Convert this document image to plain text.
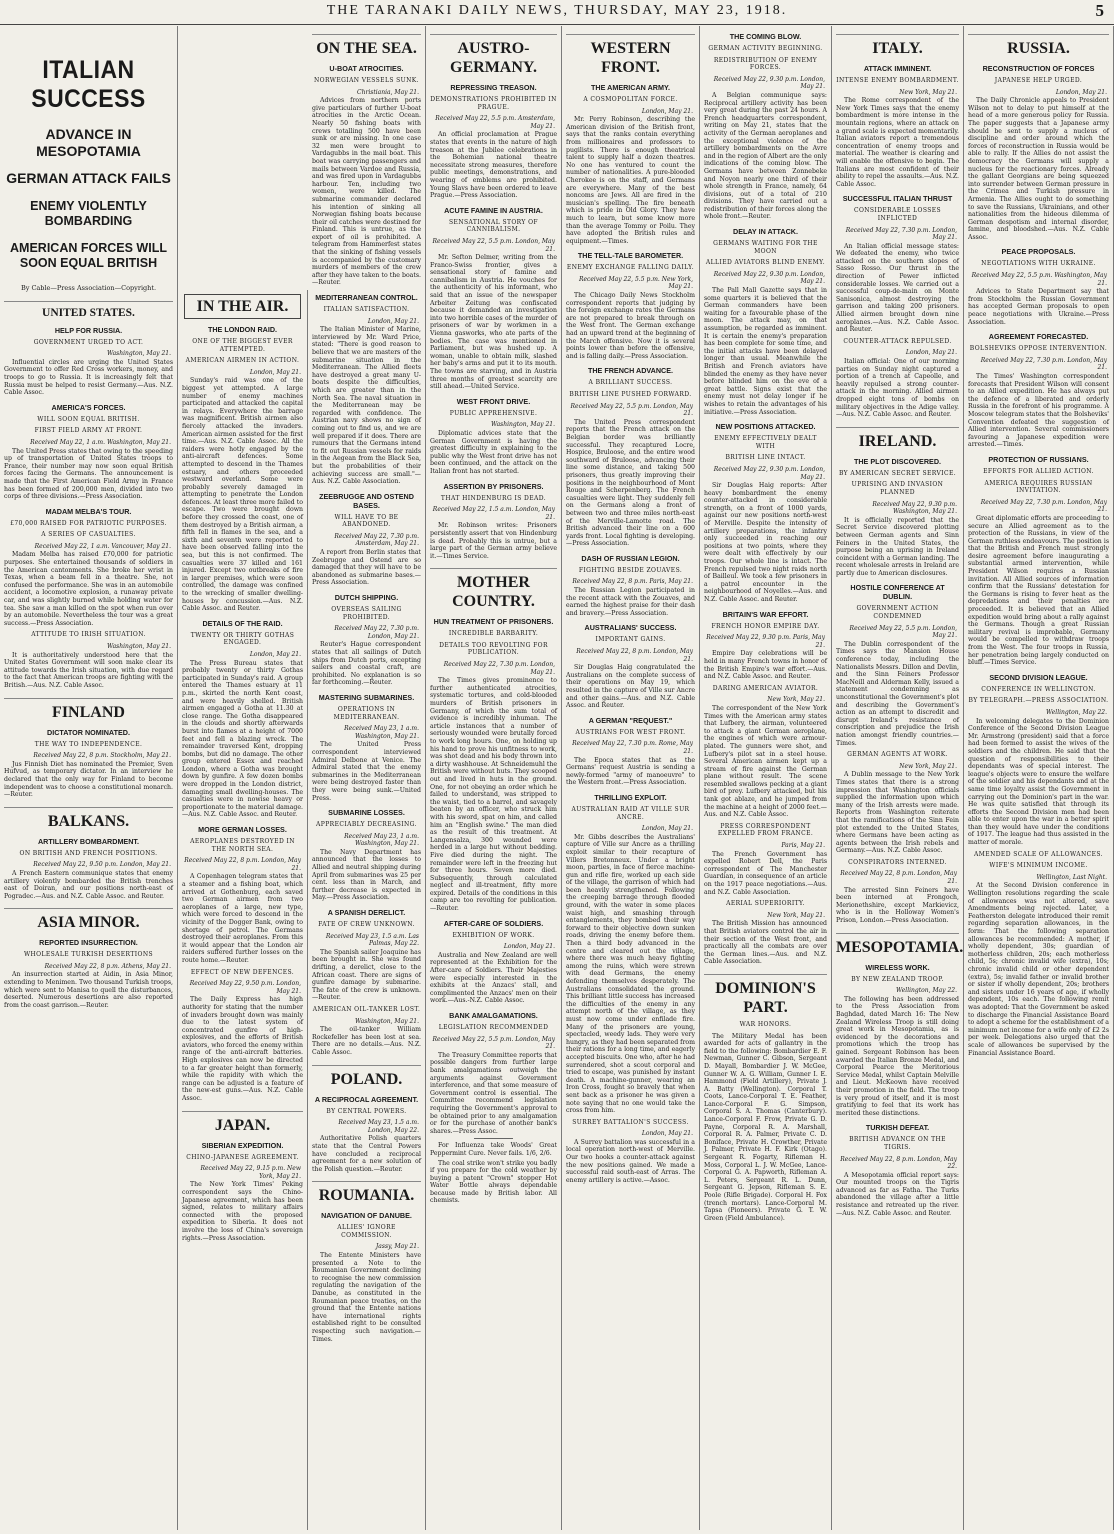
THE TARANAKI DAILY NEWS, THURSDAY, MAY 23, 1918.	5
ITALIAN SUCCESS
ADVANCE IN MESOPOTAMIA
GERMAN ATTACK FAILS
ENEMY VIOLENTLY BOMBARDING
AMERICAN FORCES WILL SOON EQUAL BRITISH
By Cable—Press Association—Copyright.
UNITED STATES.
HELP FOR RUSSIA.
GOVERNMENT URGED TO ACT.
Washington, May 21.

Influential circles are urging the United States Government to offer Red Cross workers, money, and troops to go to Russia. It is increasingly felt that Russia must be helped to resist Germany.—Aus. N.Z. Cable Assoc.

AMERICA'S FORCES.
WILL SOON EQUAL BRITISH.
FIRST FIELD ARMY AT FRONT.
Received May 22, 1 a.m. Washington, May 21.

The United Press states that owing to the speeding up of transportation of United States troops to France, their number may now soon equal British forces facing the Germans. The announcement is made that the First American Field Army in France has been formed of 200,000 men, divided into two corps of three divisions.—Press Association.

MADAM MELBA'S TOUR.
£70,000 RAISED FOR PATRIOTIC PURPOSES.
A SERIES OF CASUALTIES.
Received May 22, 1 a.m. Vancouver, May 21.

Madam Melba has raised £70,000 for patriotic purposes. She entertained thousands of soldiers in the American cantonments. She broke her wrist in Texas, when a beam fell in a theatre. She, not confused the performance. She was in an automobile accident, a locomotive explosion, a runaway private car, and was slightly burned while holding water for tea. She saw a man killed on the spot when run over by an automobile. Nevertheless the tour was a great success.—Press Association.

ATTITUDE TO IRISH SITUATION.
Washington, May 21.

It is authoritatively understood here that the United States Government will soon make clear its attitude towards the Irish situation, with due regard to the fact that American troops are fighting with the British.—Aus. N.Z. Cable Assoc.

FINLAND
DICTATOR NOMINATED.
THE WAY TO INDEPENDENCE.
Received May 22, 8 p.m. Stockholm, May 21.

Jus Finnish Diet has nominated the Premier, Sven Hufvud, as temporary dictator. In an interview he declared that the only way for Finland to become independent was to choose a constitutional monarch.—Reuter.

BALKANS.
ARTILLERY BOMBARDMENT.
ON BRITISH AND FRENCH POSITIONS.
Received May 22, 9.50 p.m. London, May 21.

A French Eastern communique states that enemy artillery violently bombarded the British trenches east of Doiran, and our positions north-east of Pogradec.—Aus. and N.Z. Cable Assoc. and Reuter.

ASIA MINOR.
REPORTED INSURRECTION.
WHOLESALE TURKISH DESERTIONS
Received May 22, 8 p.m. Athens, May 21.

An insurrection started at Aidin, in Asia Minor, extending to Menimen. Two thousand Turkish troops, which were sent to Manisa to quell the disturbances, deserted. Numerous desertions are also reported from the coast garrison.—Reuter.

IN THE AIR.
THE LONDON RAID.
ONE OF THE BIGGEST EVER ATTEMPTED.
AMERICAN AIRMEN IN ACTION.
London, May 21.

Sunday's raid was one of the biggest yet attempted. A large number of enemy machines participated and attacked the capital in relays. Everywhere the barrage was magnificent. British airmen also fiercely attacked the invaders. American airmen assisted for the first time.—Aus. N.Z. Cable Assoc. All the raiders were hotly engaged by the anti-aircraft defences. Some attempted to descend in the Thames estuary, and others proceeded westward overland. Some were probably severely damaged in attempting to penetrate the London defences. At least three more failed to escape. Two were brought down before they crossed the coast, one of them destroyed by a British airman, a fifth fell in flames in the sea, and a sixth and seventh were reported to have been observed falling into the sea, but this is not confirmed. The casualties were 37 killed and 161 injured. Except two outbreaks of fire in larger premises, which were soon controlled, the damage was confined to the wrecking of smaller dwelling-houses by concussion.—Aus. N.Z. Cable Assoc. and Reuter.

DETAILS OF THE RAID.
TWENTY OR THIRTY GOTHAS ENGAGED.
London, May 21.

The Press Bureau states that probably twenty or thirty Gothas participated in Sunday's raid. A group entered the Thames estuary at 11 p.m., skirted the north Kent coast, and were heavily shelled. British airmen engaged a Gotha at 11.30 at close range. The Gotha disappeared in the clouds and shortly afterwards burst into flames at a height of 7000 feet and fell a blazing wreck. The remainder traversed Kent, dropping bombs, but did no damage. The other group entered Essex and reached London, where a Gotha was brought down by gunfire. A few dozen bombs were dropped in the London district, damaging small dwelling-houses. The casualties were in nowise heavy or proportionate to the material damage.—Aus. N.Z. Cable Assoc. and Reuter.

MORE GERMAN LOSSES.
AEROPLANES DESTROYED IN THE NORTH SEA.
Received May 22, 8 p.m. London, May 21.

A Copenhagen telegram states that a steamer and a fishing boat, which arrived at Gothenburg, each saved two German airmen from two aeroplanes of a large, new type, which were forced to descend in the vicinity of the Dogger Bank, owing to shortage of petrol. The Germans destroyed their aeroplanes. From this it would appear that the London air raiders suffered further losses on the route home.—Reuter.

EFFECT OF NEW DEFENCES.
Received May 22, 9.50 p.m. London, May 21.

The Daily Express has high authority for stating that the number of invaders brought down was mainly due to the latest system of concentrated gunfire of high-explosives, and the efforts of British aviators, who forced the enemy within range of the anti-aircraft batteries. High explosives can now be directed to a far greater height than formerly, while the rapidity with which the range can be adjusted is a feature of the new-est guns.—Aus. N.Z. Cable Assoc.

JAPAN.
SIBERIAN EXPEDITION.
CHINO-JAPANESE AGREEMENT.
Received May 22, 9.15 p.m. New York, May 21.

The New York Times' Peking correspondent says the Chino-Japanese agreement, which has been signed, relates to military affairs connected with the proposed expedition to Siberia. It does not involve the loss of China's sovereign rights.—Press Association.

ON THE SEA.
U-BOAT ATROCITIES.
NORWEGIAN VESSELS SUNK.
Christiania, May 21.

Advices from northern ports give particulars of further U-boat atrocities in the Arctic Ocean. Nearly 50 fishing boats with crews totalling 500 have been sunk or are missing. In one case 32 men were brought to Vardagubbs in the mail boat. This boat was carrying passengers and mails between Vardoe and Russia, and was fired upon in Vardagubbs harbour. Ten, including two women, were killed. The submarine commander declared his intention of sinking all Norwegian fishing boats because their oil catches were destined for Finland. This is untrue, as the export of oil is prohibited. A telegram from Hammerfest states that the sinking of fishing vessels is accompanied by the customary murders of members of the crew after they have taken to the boats.—Reuter.

MEDITERRANEAN CONTROL.
ITALIAN SATISFACTION.
London, May 21.

The Italian Minister of Marine, interviewed by Mr. Ward Price, stated: "There is good reason to believe that we are masters of the submarine situation in the Mediterranean. The Allied fleets have destroyed a great many U-boats despite the difficulties, which are greater than in the North Sea. The naval situation in the Mediterranean may be regarded with confidence. The Austrian navy shows no sign of coming out to find us, and we are well prepared if it does. There are rumours that the Germans intend to fit out Russian vessels for raids in the Aegean from the Black Sea, but the probabilities of their achieving success are small."—Aus. N.Z. Cable Association.

ZEEBRUGGE AND OSTEND BASES.
WILL HAVE TO BE ABANDONED.
Received May 22, 7.30 p.m. Amsterdam, May 21.

A report from Berlin states that Zeebrugge and Ostend are so damaged that they will have to be abandoned as submarine bases.—Press Association.

DUTCH SHIPPING.
OVERSEAS SAILING PROHIBITED.
Received May 22, 7.30 p.m. London, May 21.

Reuter's Hague correspondent states that all sailings of Dutch ships from Dutch ports, excepting sailers and coastal craft, are prohibited. No explanation is so far forthcoming.—Reuter.

MASTERING SUBMARINES.
OPERATIONS IN MEDITERRANEAN.
Received May 23, 1 a.m. Washington, May 21.

The United Press correspondent interviewed Admiral Delbone at Venice. The Admiral stated that the enemy submarines in the Mediterranean were being destroyed faster than they were being sunk.—United Press.

SUBMARINE LOSSES.
APPRECIABLY DECREASING.
Received May 23, 1 a.m. Washington, May 21.

The Navy Department has announced that the losses to Allied and neutral shipping during April from submarines was 25 per cent. less than in March, and further decrease is expected in May.—Press Association.

A SPANISH DERELICT.
FATE OF CREW UNKNOWN.
Received May 23, 1.5 a.m. Las Palmas, May 22.

The Spanish sailer Joaquine has been brought in. She was found drifting, a derelict, close to the African coast. There are signs of gunfire damage by submarine. The fate of the crew is unknown.—Reuter.

AMERICAN OIL-TANKER LOST.
Washington, May 21.

The oil-tanker William Rockefeller has been lost at sea. There are no details.—Aus. N.Z. Cable Assoc.

POLAND.
A RECIPROCAL AGREEMENT.
BY CENTRAL POWERS.
Received May 23, 1.5 a.m. London, May 22.

Authoritative Polish quarters state that the Central Powers have concluded a reciprocal agreement for a new solution of the Polish question.—Reuter.

ROUMANIA.
NAVIGATION OF DANUBE.
ALLIES' IGNORE COMMISSION.
Jassy, May 21.

The Entente Ministers have presented a Note to the Roumanian Government declining to recognise the new commission regulating the navigation of the Danube, as constituted in the Roumanian peace treaties, on the ground that the Entente nations have international rights established right to be consulted respecting such navigation.—Times.

AUSTRO-GERMANY.
REPRESSING TREASON.
DEMONSTRATIONS PROHIBITED IN PRAGUE.
Received May 22, 5.5 p.m. Amsterdam, May 21.

An official proclamation at Prague states that events in the nature of high treason at the Jubilee celebrations in the Bohemian national theatre necessitate strong measures, therefore public meetings, demonstrations, and wearing of emblems are prohibited. Young Slavs have been ordered to leave Prague.—Press Association.

ACUTE FAMINE IN AUSTRIA.
SENSATIONAL STORY OF CANNIBALISM.
Received May 22, 5.5 p.m. London, May 21.

Mr. Sefton Delmer, writing from the Franco-Swiss frontier, gives a sensational story of famine and cannibalism in Austria. He vouches for the authenticity of his informant, who said that an issue of the newspaper Arbeiter Zeitung was confiscated because it demanded an investigation into two horrible cases of the murder of prisoners of war by workmen in a Vienna gasworks, who ate parts of the bodies. The case was mentioned in Parliament, but was hushed up. A woman, unable to obtain milk, slashed her baby's arms and put it to its mouth. The towns are starving, and in Austria three months of greatest scarcity are still ahead.—United Service.

WEST FRONT DRIVE.
PUBLIC APPREHENSIVE.
Washington, May 21.

Diplomatic advices state that the German Government is having the greatest difficulty in explaining to the public why the West front drive has not been continued, and the attack on the Italian front has not started.

ASSERTION BY PRISONERS.
THAT HINDENBURG IS DEAD.
Received May 22, 1.5 a.m. London, May 21.

Mr. Robinson writes: Prisoners persistently assert that von Hindenburg is dead. Probably this is untrue, but a large part of the German army believe it.—Times Service.

MOTHER COUNTRY.
HUN TREATMENT OF PRISONERS.
INCREDIBLE BARBARITY.
DETAILS TOO REVOLTING FOR PUBLICATION.
Received May 22, 7.30 p.m. London, May 21.

The Times gives prominence to further authenticated atrocities, systematic tortures, and cold-blooded murders of British prisoners in Germany, of which the sum total of evidence is incredibly inhuman. The article instances that a number of seriously wounded were brutally forced to work long hours. One, on holding up his hand to prove his unfitness to work, was shot dead and his body thrown into a dirty washhouse. At Schneidemuhl the British were without huts. They scooped out and lived in huts in the ground. One, for not obeying an order which he failed to understand, was stripped to the waist, tied to a barrel, and savagely beaten by an officer, who struck him with his sword, spat on him, and called him an "English swine." The man died as the result of this treatment. At Langensalza, 300 wounded were herded in a large hut without bedding. Five died during the night. The remainder were left in the freezing hut for three hours. Seven more died. Subsequently, through calculated neglect and ill-treatment, fifty more expired. Details of the conditions in this camp are too revolting for publication.—Reuter.

AFTER-CARE OF SOLDIERS.
EXHIBITION OF WORK.
London, May 21.

Australia and New Zealand are well represented at the Exhibition for the After-care of Soldiers. Their Majesties were especially interested in the exhibits at the Anzacs' stall, and complimented the Anzacs' men on their work.—Aus.-N.Z. Cable Assoc.

BANK AMALGAMATIONS.
LEGISLATION RECOMMENDED
Received May 22, 5.5 p.m. London, May 21.

The Treasury Committee reports that possible dangers from further large bank amalgamations outweigh the arguments against Government interference, and that some measure of Government control is essential. The Committee recommend legislation requiring the Government's approval to be obtained prior to any amalgamation or for the purchase of another bank's shares.—Press Assoc.

For Influenza take Woods' Great Peppermint Cure. Never fails. 1/6, 2/6.

The coal strike won't strike you badly if you prepare for the cold weather by buying a patent "Crown" stopper Hot Water Bottle always dependable because made by British labor. All chemists.

WESTERN FRONT.
THE AMERICAN ARMY.
A COSMOPOLITAN FORCE.
London, May 21.

Mr. Perry Robinson, describing the American division of the British front, says that the ranks contain everything from millionaires and professors to pugilists. There is enough theatrical talent to supply half a dozen theatres. No one has ventured to count the number of nationalities. A pure-blooded Cherokee is on the staff, and Germans are everywhere. Many of the best noncoms are Jews. All are fired in the musician's spelling. The fire beneath which is pride in Old Glory. They have much to learn, but some know more than the average Tommy or Poilu. They have adopted the British rules and equipment.—Times.

THE TELL-TALE BAROMETER.
ENEMY EXCHANGE FALLING DAILY.
Received May 22, 5.5 p.m. New York, May 21.

The Chicago Daily News Stockholm correspondent reports that judging by the foreign exchange rates the Germans are not prepared to break through on the West front. The German exchange had an upward trend at the beginning of the March offensive. Now it is several points lower than before the offensive, and is falling daily.—Press Association.

THE FRENCH ADVANCE.
A BRILLIANT SUCCESS.
BRITISH LINE PUSHED FORWARD.
Received May 22, 5.5 p.m. London, May 21.

The United Press correspondent reports that the French attack on the Belgian border was brilliantly successful. They recaptured Locre, Hospice, Bruloose, and the entire wood southward of Bruloose, advancing their line some distance, and taking 500 prisoners, thus greatly improving their positions in the neighbourhood of Mont Rouge and Scherpenberg. The French casualties were light. They suddenly fell on the Germans along a front of between two and three miles north-east of the Merville-Lamotte road. The British advanced their line on a 600 yards front. Local fighting is developing.—Press Association.

DASH OF RUSSIAN LEGION.
FIGHTING BESIDE ZOUAVES.
Received May 22, 8 p.m. Paris, May 21.

The Russian Legion participated in the recent attack with the Zouaves, and earned the highest praise for their dash and bravery.—Press Association.

AUSTRALIANS' SUCCESS.
IMPORTANT GAINS.
Received May 22, 8 p.m. London, May 21.

Sir Douglas Haig congratulated the Australians on the complete success of their operations on May 19, which resulted in the capture of Ville sur Ancre and other gains.—Aus. and N.Z. Cable Assoc. and Reuter.

A GERMAN "REQUEST."
AUSTRIANS FOR WEST FRONT.
Received May 22, 7.30 p.m. Rome, May 21.

The Epoca states that as the Germans' request Austria is sending a newly-formed "army of manoeuvre" to the Western front.—Press Association.

THRILLING EXPLOIT.
AUSTRALIAN RAID AT VILLE SUR ANCRE.
London, May 21.

Mr. Gibbs describes the Australians' capture of Ville sur Ancre as a thrilling exploit similar to their recapture of Villers Bretonneux. Under a bright moon, parties, in face of fierce machine-gun and rifle fire, worked up each side of the village, the garrison of which had been heavily strengthened. Following the creeping barrage through flooded ground, with the water in some places waist high, and smashing through entanglements, they bombed their way forward to their objective down sunken roads, driving the enemy before them. Then a third body advanced in the centre and cleared out the village, where there was much heavy fighting among the ruins, which were strewn with dead Germans, the enemy defending themselves desperately. The Australians consolidated the ground. This brilliant little success has increased the difficulties of the enemy in any attempt north of the village, as they must now come under enfilade fire. Many of the prisoners are young, spectacled, weedy lads. They were very hungry, as they had been separated from their rations for a long time, and eagerly accepted biscuits. One who, after he had surrendered, shot a scout corporal and tried to escape, was punished by instant death. A machine-gunner, wearing an Iron Cross, fought so bravely that when sent back as a prisoner he was given a note saying that no one would take the cross from him.

SURREY BATTALION'S SUCCESS.
London, May 21.

A Surrey battalion was successful in a local operation north-west of Merville. Our two hooks a counter-attack against the new positions gained. We made a successful raid south-east of Arras. The enemy artillery is active.—Assoc.

THE COMING BLOW.
GERMAN ACTIVITY BEGINNING.
REDISTRIBUTION OF ENEMY FORCES.
Received May 22, 9.30 p.m. London, May 21.

A Belgian communique says: Reciprocal artillery activity has been very great during the past 24 hours. A French headquarters correspondent, writing on May 21, states that the activity of the German aeroplanes and the exceptional violence of the artillery bombardments on the Avre and in the region of Albert are the only indications of the coming blow. The Germans have between Zonnebeke and Noyon nearly one third of their whole strength in France, namely, 64 divisions, out of a total of 210 divisions. They have carried out a redistribution of their forces along the whole front.—Reuter.

DELAY IN ATTACK.
GERMANS WAITING FOR THE MOON
ALLIED AVIATORS BLIND ENEMY.
Received May 22, 9.30 p.m. London, May 21.

The Pall Mall Gazette says that in some quarters it is believed that the German commanders have been waiting for a favourable phase of the moon. The attack may, on that assumption, be regarded as imminent. It is certain the enemy's preparation has been complete for some time, and the initial attacks have been delayed longer than usual. Meanwhile the British and French aviators have blinded the enemy as they have never before blinded him on the eve of a great battle. Signs exist that the enemy must not delay longer if he wishes to retain the advantages of his initiative.—Press Association.

NEW POSITIONS ATTACKED.
ENEMY EFFECTIVELY DEALT WITH
BRITISH LINE INTACT.
Received May 22, 9.30 p.m. London, May 21.

Sir Douglas Haig reports: After heavy bombardment the enemy counter-attacked in considerable strength, on a front of 1000 yards, against our new positions north-west of Merville. Despite the intensity of artillery preparations, the infantry only succeeded in reaching our positions at two points, where they were dealt with effectively by our troops. Our whole line is intact. The French repulsed two night raids north of Bailleul. We took a few prisoners in a patrol encounter in the neighbourhood of Noyelles.—Aus. and N.Z. Cable Assoc. and Reuter.

BRITAIN'S WAR EFFORT.
FRENCH HONOR EMPIRE DAY.
Received May 22, 9.30 p.m. Paris, May 21.

Empire Day celebrations will be held in many French towns in honor of the British Empire's war effort.—Aus. and N.Z. Cable Assoc. and Reuter.

DARING AMERICAN AVIATOR.
New York, May 21.

The correspondent of the New York Times with the American army states that Lufbery, the airman, volunteered to attack a giant German aeroplane, the engines of which were armour-plated. The gunners were shot, and Lufbery's pilot sat in a steel house. Several American airmen kept up a stream of fire against the German plane without result. The scene resembled swallows pecking at a giant bird of prey. Lufbery attacked, but his tank got ablaze, and he jumped from the machine at a height of 2000 feet.—Aus. and N.Z. Cable Assoc.

PRESS CORRESPONDENT EXPELLED FROM FRANCE.
Paris, May 21.

The French Government has expelled Robert Dell, the Paris correspondent of The Manchester Guardian, in consequence of an article on the 1917 peace negotiations.—Aus. and N.Z. Cable Association.

AERIAL SUPERIORITY.
New York, May 21.

The British Mission has announced that British aviators control the air in their section of the West front, and practically all the combats are over the German lines.—Aus. and N.Z. Cable Association.

DOMINION'S PART.
WAR HONORS.

The Military Medal has been awarded for acts of gallantry in the field to the following: Bombardier E. F. Newman, Gunner C. Gibson, Sergeant D. Mayall, Bombardier J. W. McGee, Gunner W. A. G. William, Gunner I. E. Hammond (Field Artillery), Private J. A. Batty (Wellington). Corporal T. Coots, Lance-Corporal T. E. Feather, Lance-Corporal F. G. Simpson, Corporal S. A. Thomas (Canterbury). Lance-Corporal F. Frow, Private G. D. Payne, Corporal R. A. Marshall, Corporal R. A. Palmer, Private C. D. Boniface, Private H. Crowther, Private J. Palmer, Private H. F. Kirk (Otago). Sergeant R. Fogarty, Rifleman H. Moss, Corporal L. J. W. McGee, Lance-Corporal G. A. Papworth, Rifleman A. L. Peters, Sergeant R. L. Dunn, Sergeant G. Jepson, Rifleman S. E. Poole (Rifle Brigade). Corporal H. Fox (trench mortars). Lance-Corporal M. Tapsa (Pioneers). Private G. T. W. Green (Field Ambulance).

ITALY.
ATTACK IMMINENT.
INTENSE ENEMY BOMBARDMENT.
New York, May 21.

The Rome correspondent of the New York Times says that the enemy bombardment is more intense in the mountain regions, where an attack on a grand scale is expected momentarily. Italian aviators report a tremendous concentration of enemy troops and material. The weather is clearing and will enable the offensive to begin. The Italians are most confident of their ability to repel the assaults.—Aus. N.Z. Cable Assoc.

SUCCESSFUL ITALIAN THRUST
CONSIDERABLE LOSSES INFLICTED
Received May 22, 7.30 p.m. London, May 21.

An Italian official message states: We defeated the enemy, who twice attacked on the southern slopes of Sasso Rosso. Our thrust in the direction of Pewer inflicted considerable losses. We carried out a successful coup-de-main on Monte Sanisonica, almost destroying the garrison and taking 200 prisoners. Allied airmen brought down nine aeroplanes.—Aus. N.Z. Cable Assoc. and Reuter.

COUNTER-ATTACK REPULSED.
London, May 21.

Italian official: One of our morning parties on Sunday night captured a portion of a trench at Capeolle, and heavily repulsed a strong counter-attack in the morning. Allied airmen dropped eight tons of bombs on military objectives in the Adige valley.—Aus. N.Z. Cable Assoc. and Reuter.

IRELAND.
THE PLOT DISCOVERED.
BY AMERICAN SECRET SERVICE.
UPRISING AND INVASION PLANNED
Received May 22, 9.30 p.m. Washington, May 21.

It is officially reported that the Secret Service discovered plotting between German agents and Sinn Feiners in the United States, the purpose being an uprising in Ireland coincident with a German landing. The recent wholesale arrests in Ireland are partly due to American disclosures.

HOSTILE CONFERENCE AT DUBLIN.
GOVERNMENT ACTION CONDEMNED
Received May 22, 5.5 p.m. London, May 21.

The Dublin correspondent of the Times says the Mansion House conference today, including the Nationalists Messrs. Dillon and Devlin, and the Sinn Feiners Professor MacNeill and Alderman Kelly, issued a statement condemning as unconstitutional the Government's plot and describing the Government's action as an attempt to discredit and disrupt Ireland's resistance of conscription and prejudice the Irish nation amongst friendly countries.—Times.

GERMAN AGENTS AT WORK.
New York, May 21.

A Dublin message to the New York Times states that there is a strong impression that Washington officials supplied the information upon which many of the Irish arrests were made. Reports from Washington reiterate that the ramifications of the Sinn Fein plot extended to the United States, where Germans have been acting as agents between the Irish rebels and Germany.—Aus. N.Z. Cable Assoc.

CONSPIRATORS INTERNED.
Received May 22, 8 p.m. London, May 21.

The arrested Sinn Feiners have been interned at Frongoch, Merionethshire, except Markievicz, who is in the Holloway Women's Prison, London.—Press Association.

MESOPOTAMIA.
WIRELESS WORK.
BY NEW ZEALAND TROOP.
Wellington, May 22.

The following has been addressed to the Press Association from Baghdad, dated March 16: The New Zealand Wireless Troop is still doing great work in Mesopotamia, as is evidenced by the decorations and promotions which the troop has gained. Sergeant Robinson has been awarded the Italian Bronze Medal, and Corporal Pearce the Meritorious Service Medal, whilst Captain Melville and Lieut. McKeown have received their promotion in the field. The troop is very proud of itself, and it is most gratifying to feel that its work has merited these distinctions.

TURKISH DEFEAT.
BRITISH ADVANCE ON THE TIGRIS.
Received May 22, 8 p.m. London, May 22.

A Mesopotamia official report says: Our mounted troops on the Tigris advanced as far as Fatha. The Turks abandoned the village after a little resistance and retreated up the river.—Aus. N.Z. Cable Assoc. and Reuter.

RUSSIA.
RECONSTRUCTION OF FORCES
JAPANESE HELP URGED.
London, May 21.

The Daily Chronicle appeals to President Wilson not to delay to put himself at the head of a more generous policy for Russia. The paper suggests that a Japanese army should be sent to supply a nucleus of discipline and order around which the forces of reconstruction in Russia would be able to rally. If the Allies do not assist the democracy the Germans will supply a nucleus for the reactionary forces. Already the gallant Georgians are being squeezed into surrender between German pressure in the Crimea and Turkish pressure in Armenia. The Allies ought to do something to save the Russians, Ukrainians, and other nationalities from the hideous dilemma of German despotism and internal disorder, famine, and bloodshed.—Aus. N.Z. Cable Assoc.

PEACE PROPOSALS.
NEGOTIATIONS WITH UKRAINE.
Received May 22, 5.5 p.m. Washington, May 21.

Advices to State Department say that from Stockholm the Russian Government has accepted German proposals to open peace negotiations with Ukraine.—Press Association.

AGREEMENT FORECASTED.
BOLSHEVIKS OPPOSE INTERVENTION.
Received May 22, 7.30 p.m. London, May 21.

The Times' Washington correspondent forecasts that President Wilson will consent to an Allied expedition. He has always put the defence of a liberated and orderly Russia in the forefront of his programme. A Moscow telegram states that the Bolsheviks' Convention defeated the suggestion of Allied intervention. Several commissioners favouring a Japanese expedition were arrested.—Times.

PROTECTION OF RUSSIANS.
EFFORTS FOR ALLIED ACTION.
AMERICA REQUIRES RUSSIAN INVITATION.
Received May 22, 7.30 p.m. London, May 21.

Great diplomatic efforts are proceeding to secure an Allied agreement as to the protection of the Russians, in view of the German ruthless endeavours. The position is that the British and French must strongly desire agreement before inaugurating a substantial armed intervention, while President Wilson requires a Russian invitation. All Allied sources of information confirm that the Russians' detestation for the Germans is rising to fever heat as the depredations and their penalties are proceeded. It is believed that an Allied expedition would bring about a rally against the Germans. Though a great Russian military revival is improbable, Germany would be compelled to withdraw troops from the West. The four troops in Russia, her penetration being largely conducted on bluff.—Times Service.

SECOND DIVISION LEAGUE.
CONFERENCE IN WELLINGTON.
BY TELEGRAPH.—PRESS ASSOCIATION.
Wellington, May 22.

In welcoming delegates to the Dominion Conference of the Second Division League Mr. Armstrong (president) said that a force had been formed to assist the wives of the soldiers and the children. He said that the question of responsibilities to their dependants was of special interest. The league's objects were to ensure the welfare of the soldier and his dependants and at the same time loyalty assist the Government in carrying out the Dominion's part in the war. He was quite satisfied that through its efforts the Second Division men had been able to enter upon the war in a better spirit than they would have under the conditions of 1917. The league had thus assisted in the matter of morale.

AMENDED SCALE OF ALLOWANCES.
WIFE'S MINIMUM INCOME.
Wellington, Last Night.

At the Second Division conference in Wellington resolutions regarding the scale of allowances was not altered, save Amendments being rejected. Later, a Featherston delegate introduced their remit regarding separation allowances, in the form: That the following separation allowances be recommended: A mother, if wholly dependent, 30s; guardian of motherless children, 20s; each motherless child, 5s; chronic invalid wife (extra), 10s; chronic invalid child or other dependent (extra), 5s; invalid father or invalid brother or sister if wholly dependent, 20s; brothers and sisters under 16 years of age, if wholly dependent, 10s each. The following remit was adopted: That the Government be asked to discharge the Financial Assistance Board to adopt a scheme for the establishment of a minimum net income for a wife only of £2 2s per week. Delegations also urged that the scale of allowances be supervised by the Financial Assistance Board.
